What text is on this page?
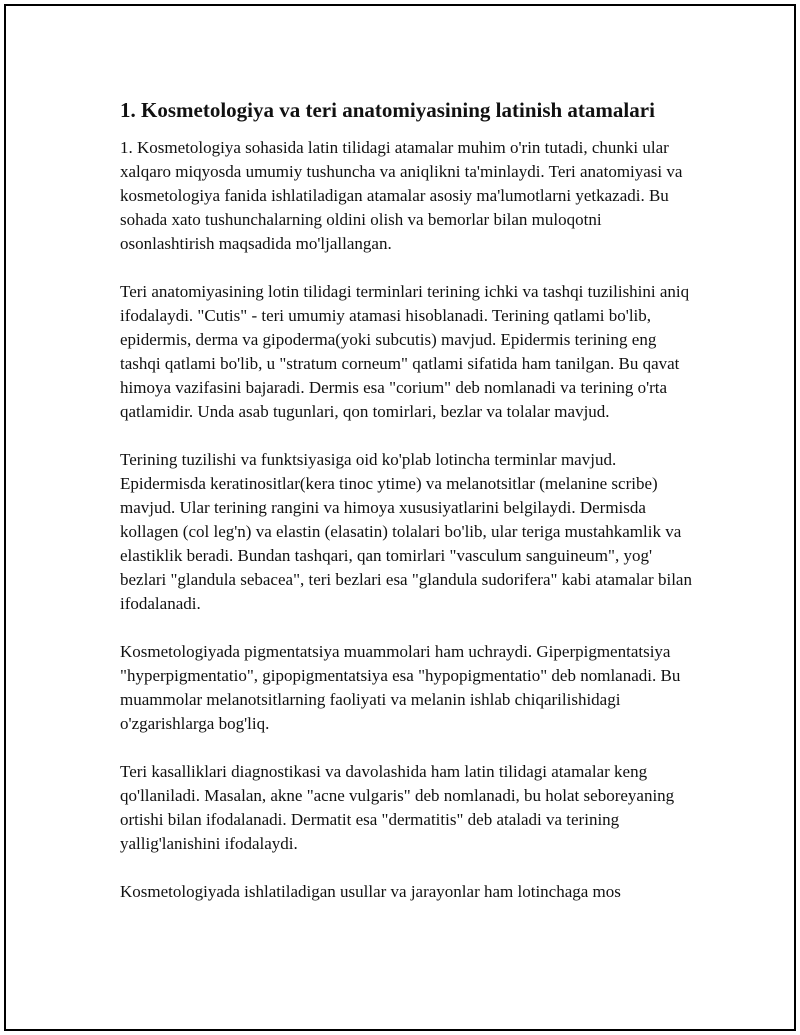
1. Kosmetologiya va teri anatomiyasining latinish atamalari

1. Kosmetologiya sohasida latin tilidagi atamalar muhim o'rin tutadi, chunki ular xalqaro miqyosda umumiy tushuncha va aniqlikni ta'minlaydi. Teri anatomiyasi va kosmetologiya fanida ishlatiladigan atamalar asosiy ma'lumotlarni yetkazadi. Bu sohada xato tushunchalarning oldini olish va bemorlar bilan muloqotni osonlashtirish maqsadida mo'ljallangan.

Teri anatomiyasining lotin tilidagi terminlari terining ichki va tashqi tuzilishini aniq ifodalaydi. "Cutis" - teri umumiy atamasi hisoblanadi. Terining qatlami bo'lib, epidermis, derma va gipoderma(yoki subcutis) mavjud. Epidermis terining eng tashqi qatlami bo'lib, u "stratum corneum" qatlami sifatida ham tanilgan. Bu qavat himoya vazifasini bajaradi. Dermis esa "corium" deb nomlanadi va terining o'rta qatlamidir. Unda asab tugunlari, qon tomirlari, bezlar va tolalar mavjud.

Terining tuzilishi va funktsiyasiga oid ko'plab lotincha terminlar mavjud. Epidermisda keratinositlar(kera tinoc ytime) va melanotsitlar (melanine scribe) mavjud. Ular terining rangini va himoya xususiyatlarini belgilaydi. Dermisda kollagen (col leg'n) va elastin (elasatin) tolalari bo'lib, ular teriga mustahkamlik va elastiklik beradi. Bundan tashqari, qan tomirlari "vasculum sanguineum", yog' bezlari "glandula sebacea", teri bezlari esa "glandula sudorifera" kabi atamalar bilan ifodalanadi.

Kosmetologiyada pigmentatsiya muammolari ham uchraydi. Giperpigmentatsiya "hyperpigmentatio", gipopigmentatsiya esa "hypopigmentatio" deb nomlanadi. Bu muammolar melanotsitlarning faoliyati va melanin ishlab chiqarilishidagi o'zgarishlarga bog'liq.

Teri kasalliklari diagnostikasi va davolashida ham latin tilidagi atamalar keng qo'llaniladi. Masalan, akne "acne vulgaris" deb nomlanadi, bu holat seboreyaning ortishi bilan ifodalanadi. Dermatit esa "dermatitis" deb ataladi va terining yallig'lanishini ifodalaydi.

Kosmetologiyada ishlatiladigan usullar va jarayonlar ham lotinchaga mos
